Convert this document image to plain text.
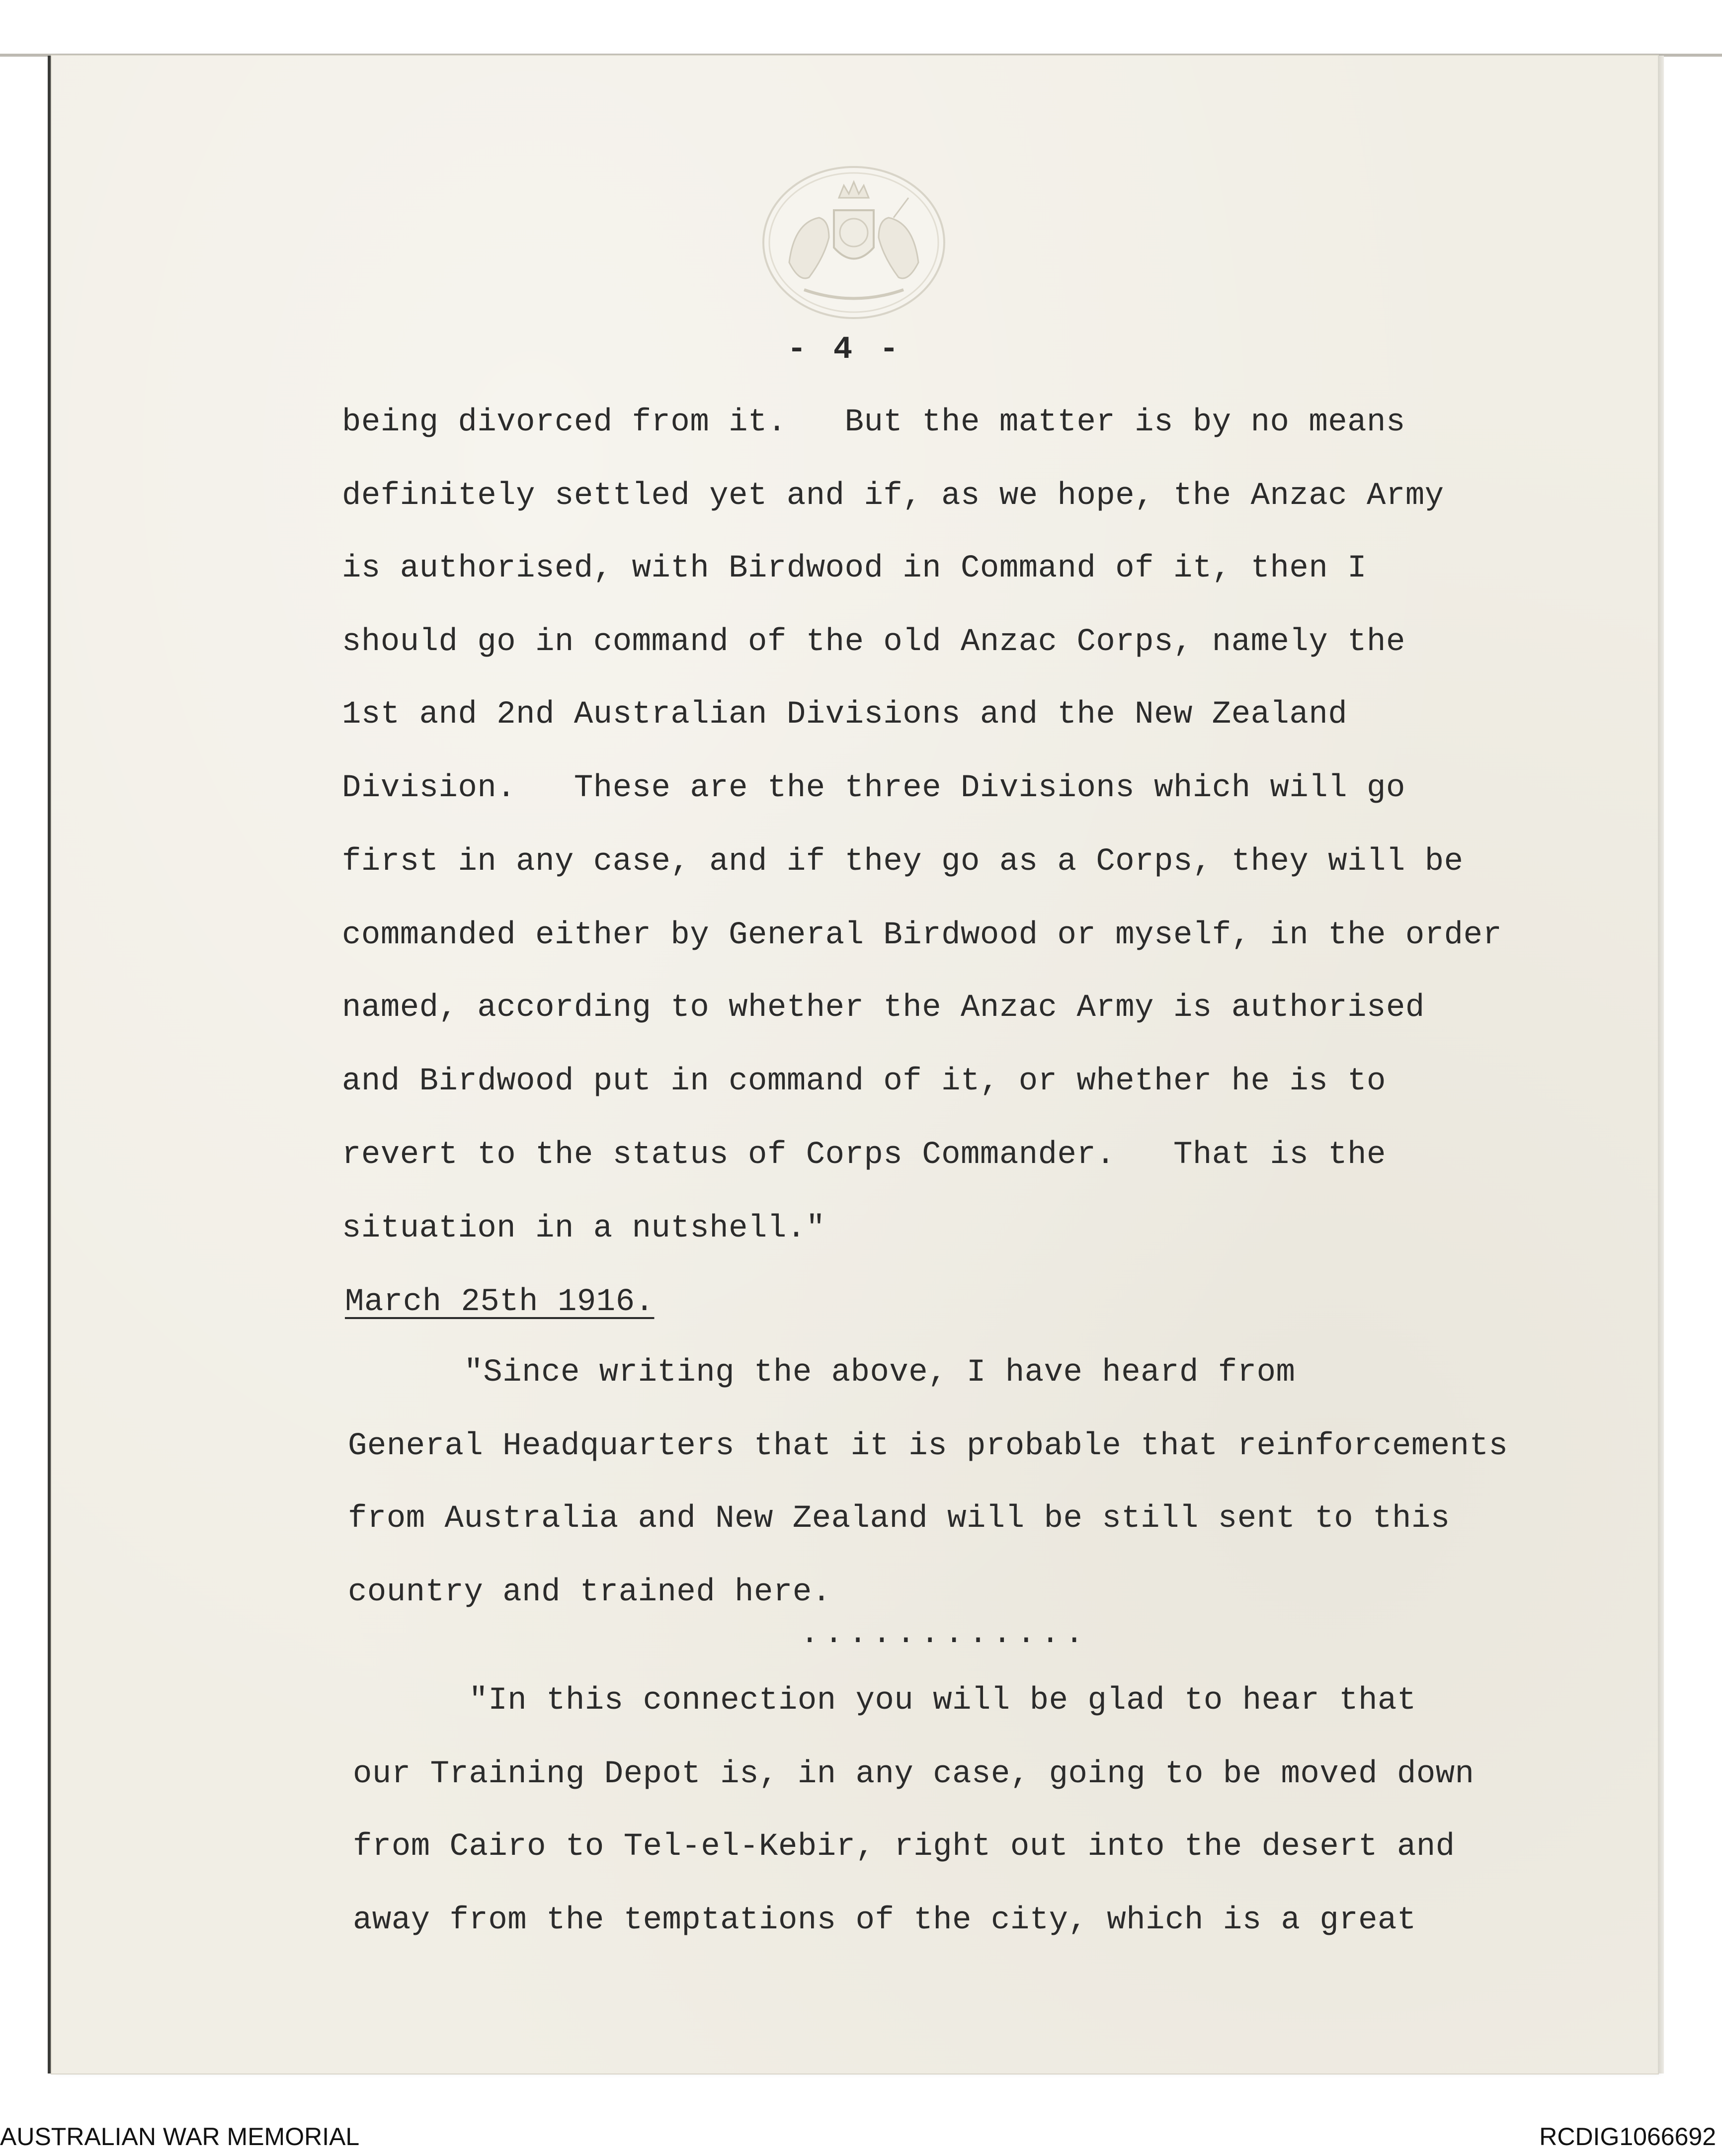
- 4 -
being divorced from it.   But the matter is by no means
definitely settled yet and if, as we hope, the Anzac Army
is authorised, with Birdwood in Command of it, then I
should go in command of the old Anzac Corps, namely the
1st and 2nd Australian Divisions and the New Zealand
Division.   These are the three Divisions which will go
first in any case, and if they go as a Corps, they will be
commanded either by General Birdwood or myself, in the order
named, according to whether the Anzac Army is authorised
and Birdwood put in command of it, or whether he is to
revert to the status of Corps Commander.   That is the
situation in a nutshell."
March 25th 1916.
"Since writing the above, I have heard from
General Headquarters that it is probable that reinforcements
from Australia and New Zealand will be still sent to this
country and trained here.
............
"In this connection you will be glad to hear that
our Training Depot is, in any case, going to be moved down
from Cairo to Tel-el-Kebir, right out into the desert and
away from the temptations of the city, which is a great
AUSTRALIAN WAR MEMORIAL	RCDIG1066692
